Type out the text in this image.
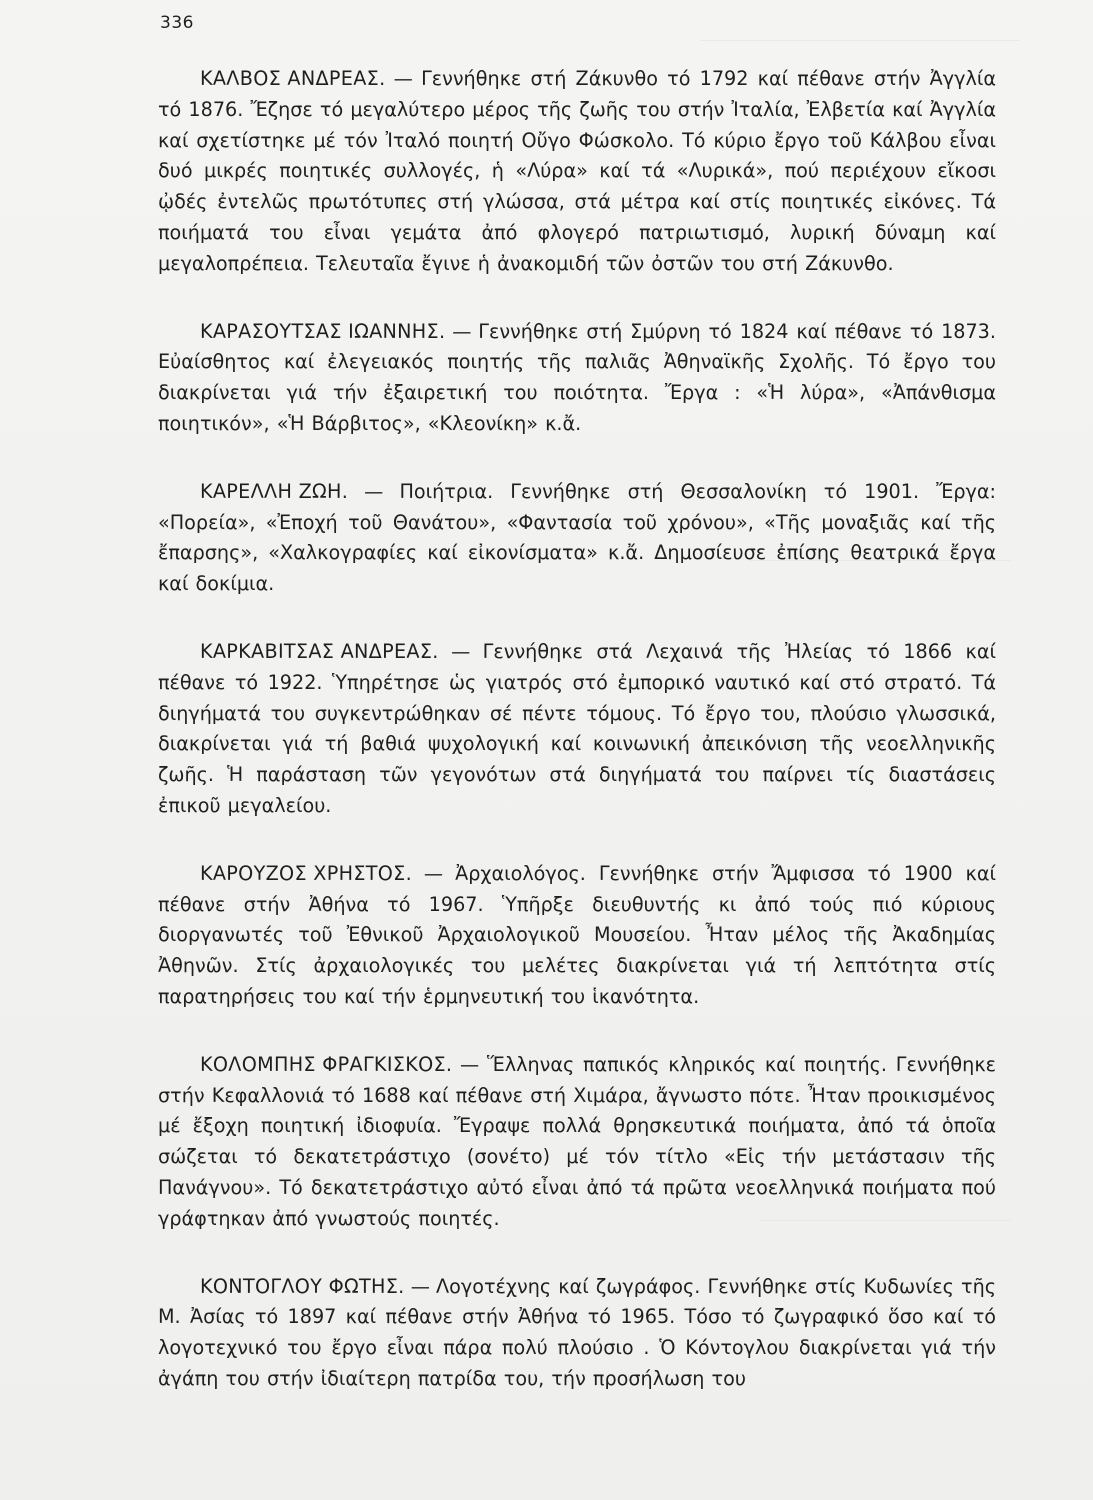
336
ΚΑΛΒΟΣ ΑΝΔΡΕΑΣ. — Γεννήθηκε στή Ζάκυνθο τό 1792 καί πέθανε στήν Ἀγγλία τό 1876. Ἔζησε τό μεγαλύτερο μέρος τῆς ζωῆς του στήν Ἰταλία, Ἐλβετία καί Ἀγγλία καί σχετίστηκε μέ τόν Ἰταλό ποιητή Οὔγο Φώσκολο. Τό κύριο ἔργο τοῦ Κάλβου εἶναι δυό μικρές ποιητικές συλλογές, ἡ «Λύρα» καί τά «Λυρικά», πού περιέχουν εἴκοσι ᾠδές ἐντελῶς πρωτότυπες στή γλώσσα, στά μέτρα καί στίς ποιητικές εἰκόνες. Τά ποιήματά του εἶναι γεμάτα ἀπό φλογερό πατριωτισμό, λυρική δύναμη καί μεγαλοπρέπεια. Τελευταῖα ἔγινε ἡ ἀνακομιδή τῶν ὀστῶν του στή Ζάκυνθο.
ΚΑΡΑΣΟΥΤΣΑΣ ΙΩΑΝΝΗΣ. — Γεννήθηκε στή Σμύρνη τό 1824 καί πέθανε τό 1873. Εὐαίσθητος καί ἐλεγειακός ποιητής τῆς παλιᾶς Ἀθηναϊκῆς Σχολῆς. Τό ἔργο του διακρίνεται γιά τήν ἐξαιρετική του ποιότητα. Ἔργα : «Ἡ λύρα», «Ἀπάνθισμα ποιητικόν», «Ἡ Βάρβιτος», «Κλεονίκη» κ.ἄ.
ΚΑΡΕΛΛΗ ΖΩΗ. — Ποιήτρια. Γεννήθηκε στή Θεσσαλονίκη τό 1901. Ἔργα: «Πορεία», «Ἐποχή τοῦ Θανάτου», «Φαντασία τοῦ χρόνου», «Τῆς μοναξιᾶς καί τῆς ἔπαρσης», «Χαλκογραφίες καί εἰκονίσματα» κ.ἄ. Δημοσίευσε ἐπίσης θεατρικά ἔργα καί δοκίμια.
ΚΑΡΚΑΒΙΤΣΑΣ ΑΝΔΡΕΑΣ. — Γεννήθηκε στά Λεχαινά τῆς Ἠλείας τό 1866 καί πέθανε τό 1922. Ὑπηρέτησε ὡς γιατρός στό ἐμπορικό ναυτικό καί στό στρατό. Τά διηγήματά του συγκεντρώθηκαν σέ πέντε τόμους. Τό ἔργο του, πλούσιο γλωσσικά, διακρίνεται γιά τή βαθιά ψυχολογική καί κοινωνική ἀπεικόνιση τῆς νεοελληνικῆς ζωῆς. Ἡ παράσταση τῶν γεγονότων στά διηγήματά του παίρνει τίς διαστάσεις ἐπικοῦ μεγαλείου.
ΚΑΡΟΥΖΟΣ ΧΡΗΣΤΟΣ. — Ἀρχαιολόγος. Γεννήθηκε στήν Ἄμφισσα τό 1900 καί πέθανε στήν Ἀθήνα τό 1967. Ὑπῆρξε διευθυντής κι ἀπό τούς πιό κύριους διοργανωτές τοῦ Ἐθνικοῦ Ἀρχαιολογικοῦ Μουσείου. Ἦταν μέλος τῆς Ἀκαδημίας Ἀθηνῶν. Στίς ἀρχαιολογικές του μελέτες διακρίνεται γιά τή λεπτότητα στίς παρατηρήσεις του καί τήν ἑρμηνευτική του ἱκανότητα.
ΚΟΛΟΜΠΗΣ ΦΡΑΓΚΙΣΚΟΣ. — Ἕλληνας παπικός κληρικός καί ποιητής. Γεννήθηκε στήν Κεφαλλονιά τό 1688 καί πέθανε στή Χιμάρα, ἄγνωστο πότε. Ἦταν προικισμένος μέ ἔξοχη ποιητική ἰδιοφυία. Ἔγραψε πολλά θρησκευτικά ποιήματα, ἀπό τά ὁποῖα σώζεται τό δεκατετράστιχο (σονέτο) μέ τόν τίτλο «Εἰς τήν μετάστασιν τῆς Πανάγνου». Τό δεκατετράστιχο αὐτό εἶναι ἀπό τά πρῶτα νεοελληνικά ποιήματα πού γράφτηκαν ἀπό γνωστούς ποιητές.
ΚΟΝΤΟΓΛΟΥ ΦΩΤΗΣ. — Λογοτέχνης καί ζωγράφος. Γεννήθηκε στίς Κυδωνίες τῆς Μ. Ἀσίας τό 1897 καί πέθανε στήν Ἀθήνα τό 1965. Τόσο τό ζωγραφικό ὅσο καί τό λογοτεχνικό του ἔργο εἶναι πάρα πολύ πλούσιο . Ὁ Κόντογλου διακρίνεται γιά τήν ἀγάπη του στήν ἰδιαίτερη πατρίδα του, τήν προσήλωση του
